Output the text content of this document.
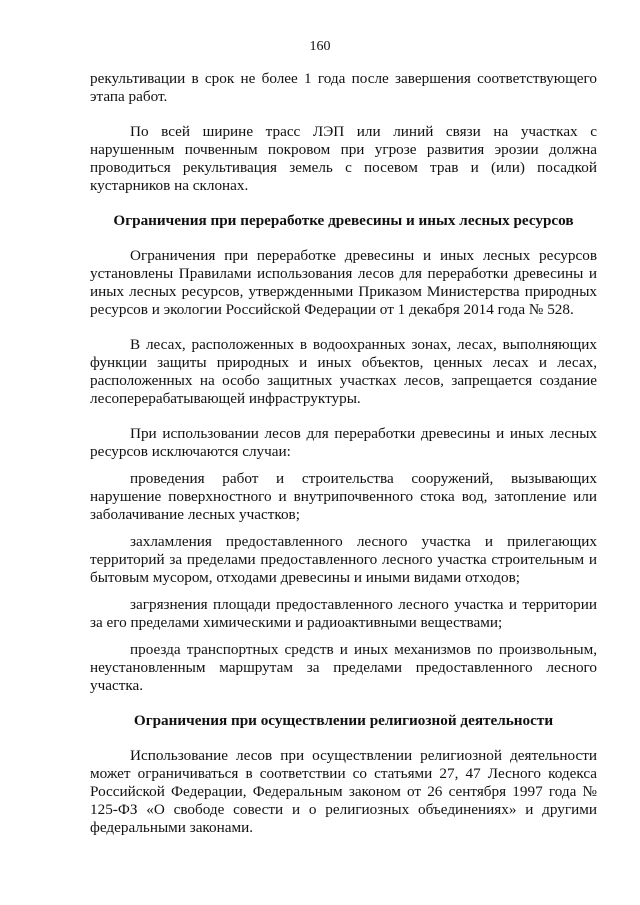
160

рекультивации в срок не более 1 года после завершения соответствующего этапа работ.

По всей ширине трасс ЛЭП или линий связи на участках с нарушенным почвенным покровом при угрозе развития эрозии должна проводиться рекультивация земель с посевом трав и (или) посадкой кустарников на склонах.

Ограничения при переработке древесины и иных лесных ресурсов

Ограничения при переработке древесины и иных лесных ресурсов установлены Правилами использования лесов для переработки древесины и иных лесных ресурсов, утвержденными Приказом Министерства природных ресурсов и экологии Российской Федерации от 1 декабря 2014 года № 528.

В лесах, расположенных в водоохранных зонах, лесах, выполняющих функции защиты природных и иных объектов, ценных лесах и лесах, расположенных на особо защитных участках лесов, запрещается создание лесоперерабатывающей инфраструктуры.

При использовании лесов для переработки древесины и иных лесных ресурсов исключаются случаи:

проведения работ и строительства сооружений, вызывающих нарушение поверхностного и внутрипочвенного стока вод, затопление или заболачивание лесных участков;

захламления предоставленного лесного участка и прилегающих территорий за пределами предоставленного лесного участка строительным и бытовым мусором, отходами древесины и иными видами отходов;

загрязнения площади предоставленного лесного участка и территории за его пределами химическими и радиоактивными веществами;

проезда транспортных средств и иных механизмов по произвольным, неустановленным маршрутам за пределами предоставленного лесного участка.

Ограничения при осуществлении религиозной деятельности

Использование лесов при осуществлении религиозной деятельности может ограничиваться в соответствии со статьями 27, 47 Лесного кодекса Российской Федерации, Федеральным законом от 26 сентября 1997 года № 125-ФЗ «О свободе совести и о религиозных объединениях» и другими федеральными законами.
